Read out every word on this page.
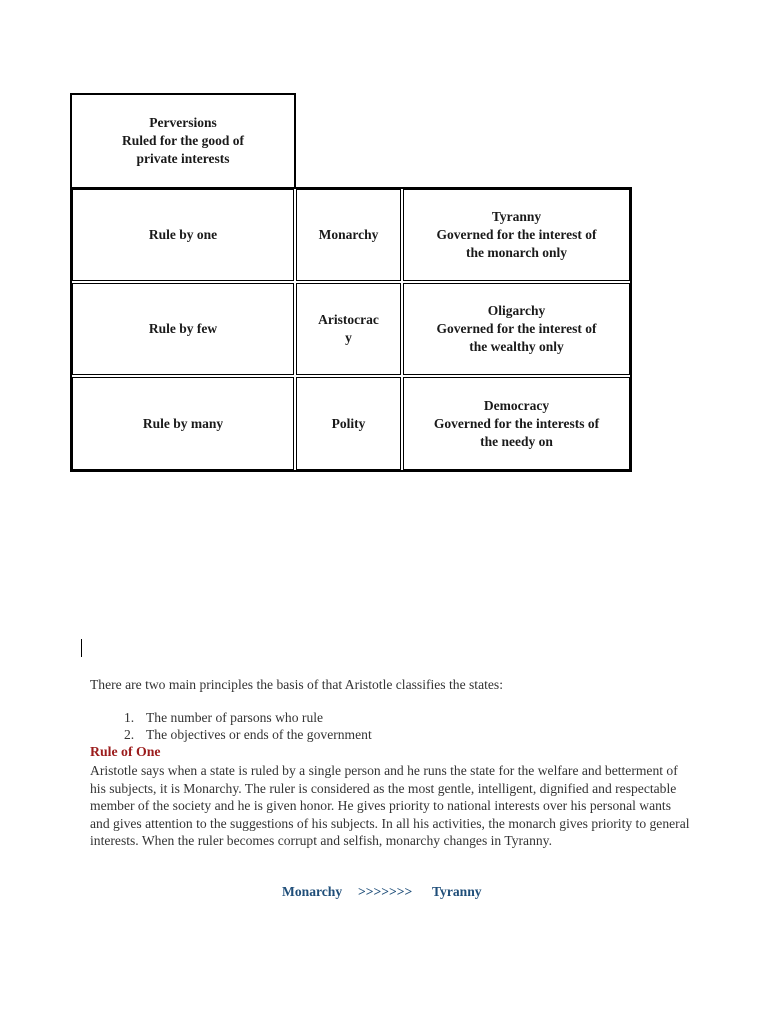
Perversions
Ruled for the good of
private interests
Rule by one	Monarchy
Tyranny
Governed for the interest of
the monarch only
Rule by few
Aristocrac
y
Oligarchy
Governed for the interest of
the wealthy only
Rule by many	Polity
Democracy
Governed for the interests of
the needy on
There are two main principles the basis of that Aristotle classifies the states:
1. The number of parsons who rule
2. The objectives or ends of the government
Rule of One
Aristotle says when a state is ruled by a single person and he runs the state for the welfare and betterment of his subjects, it is Monarchy. The ruler is considered as the most gentle, intelligent, dignified and respectable member of the society and he is given honor. He gives priority to national interests over his personal wants and gives attention to the suggestions of his subjects. In all his activities, the monarch gives priority to general interests. When the ruler becomes corrupt and selfish, monarchy changes in Tyranny.
Monarchy >>>>>>> Tyranny
